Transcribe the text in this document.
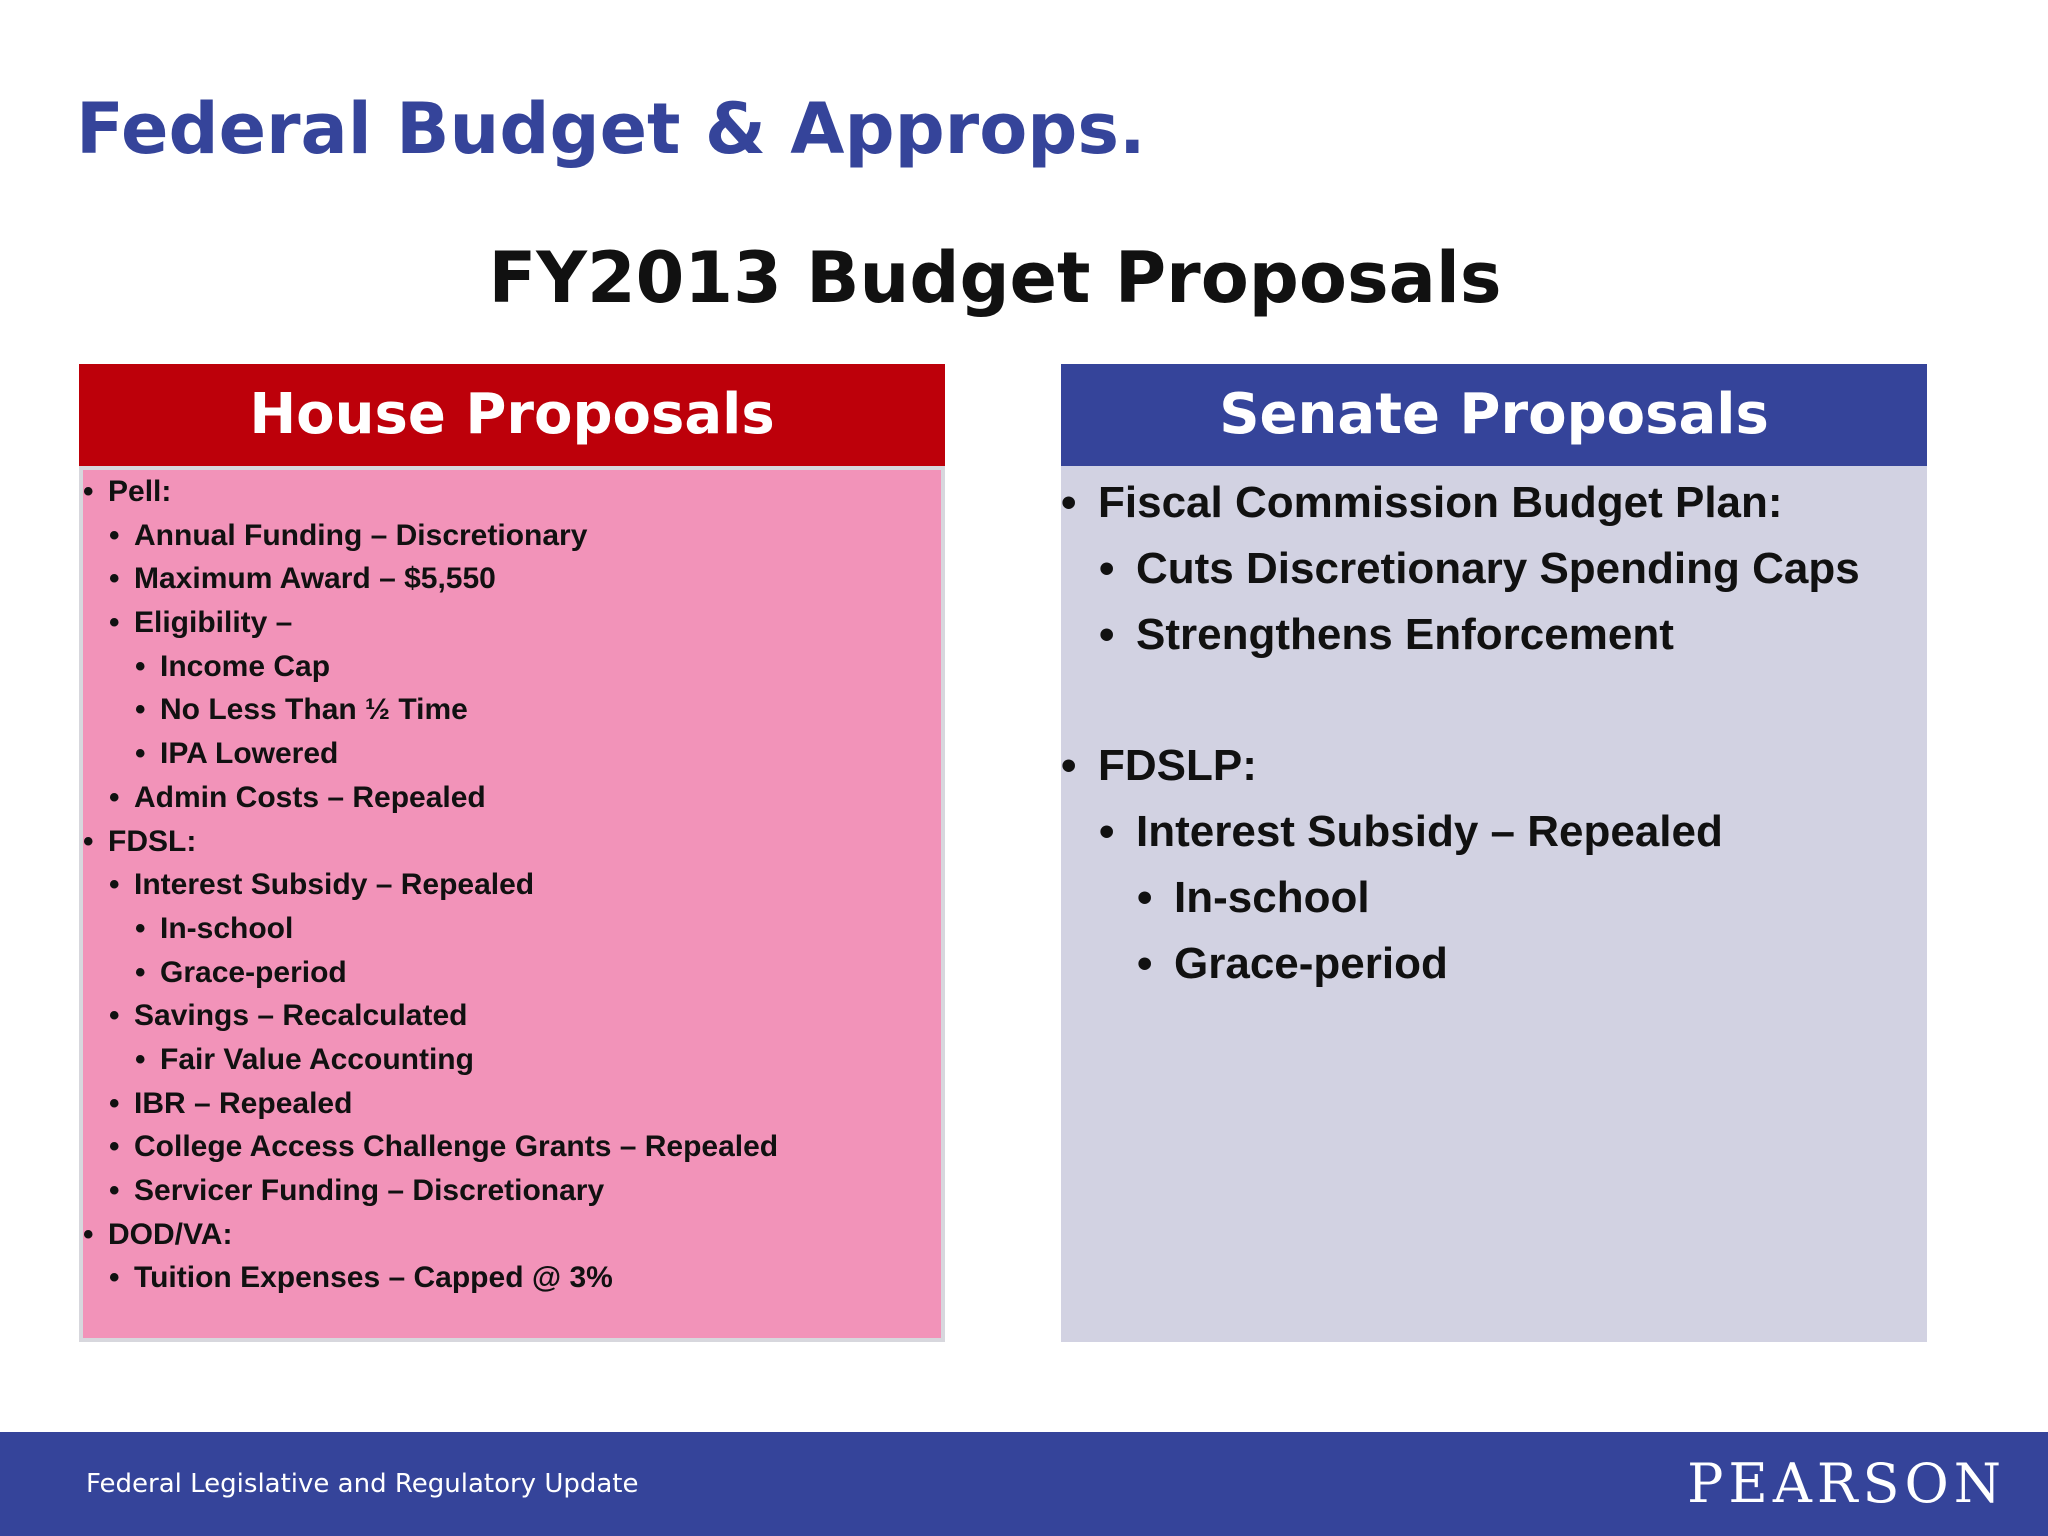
Federal Budget & Approps.
FY2013 Budget Proposals
House Proposals
• Pell:
• Annual Funding – Discretionary
• Maximum Award – $5,550
• Eligibility –
• Income Cap
• No Less Than ½ Time
• IPA Lowered
• Admin Costs – Repealed
• FDSL:
• Interest Subsidy – Repealed
• In-school
• Grace-period
• Savings – Recalculated
• Fair Value Accounting
• IBR – Repealed
• College Access Challenge Grants – Repealed
• Servicer Funding – Discretionary
• DOD/VA:
• Tuition Expenses – Capped @ 3%
Senate Proposals
• Fiscal Commission Budget Plan:
• Cuts Discretionary Spending Caps
• Strengthens Enforcement
• FDSLP:
• Interest Subsidy – Repealed
• In-school
• Grace-period
Federal Legislative and Regulatory Update	PEARSON
